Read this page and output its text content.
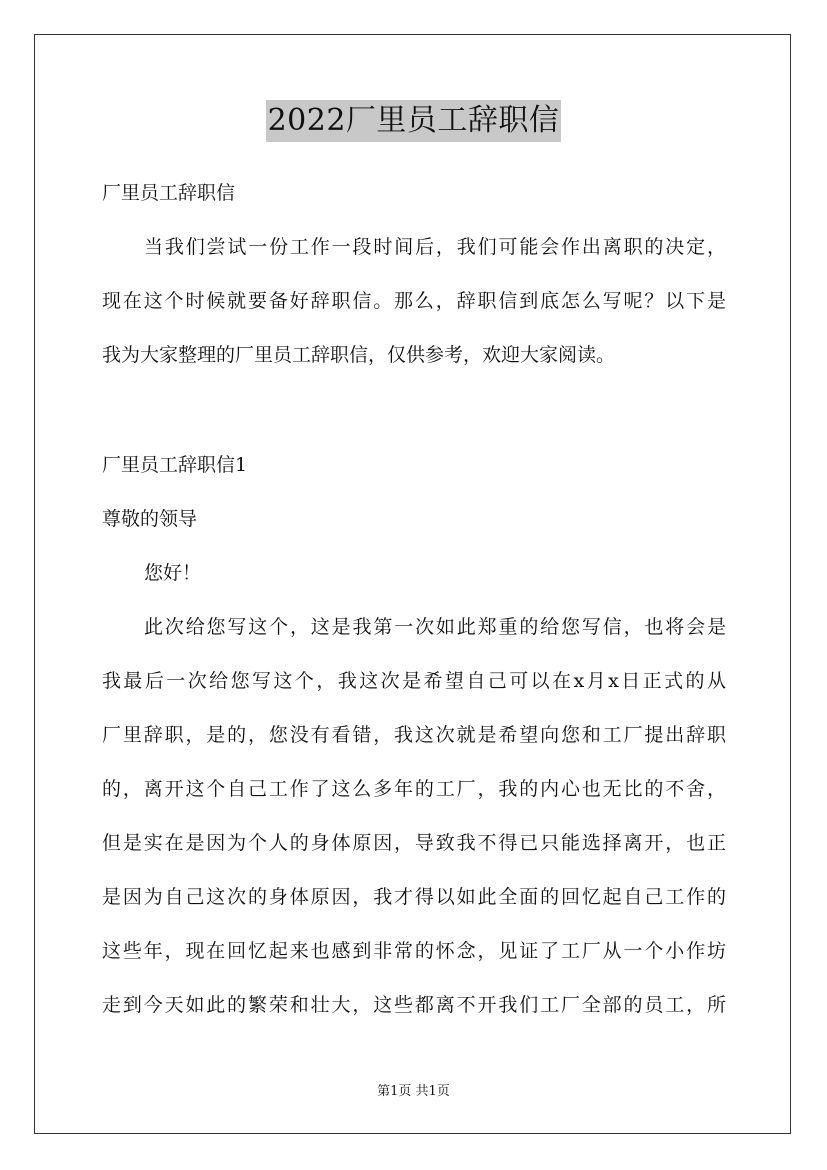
2022厂里员工辞职信
厂里员工辞职信
当我们尝试一份工作一段时间后，我们可能会作出离职的决定，
现在这个时候就要备好辞职信。那么，辞职信到底怎么写呢？以下是
我为大家整理的厂里员工辞职信，仅供参考，欢迎大家阅读。
厂里员工辞职信1
尊敬的领导
您好！
此次给您写这个，这是我第一次如此郑重的给您写信，也将会是
我最后一次给您写这个，我这次是希望自己可以在x月x日正式的从
厂里辞职，是的，您没有看错，我这次就是希望向您和工厂提出辞职
的，离开这个自己工作了这么多年的工厂，我的内心也无比的不舍，
但是实在是因为个人的身体原因，导致我不得已只能选择离开，也正
是因为自己这次的身体原因，我才得以如此全面的回忆起自己工作的
这些年，现在回忆起来也感到非常的怀念，见证了工厂从一个小作坊
走到今天如此的繁荣和壮大，这些都离不开我们工厂全部的员工，所
第1页 共1页
